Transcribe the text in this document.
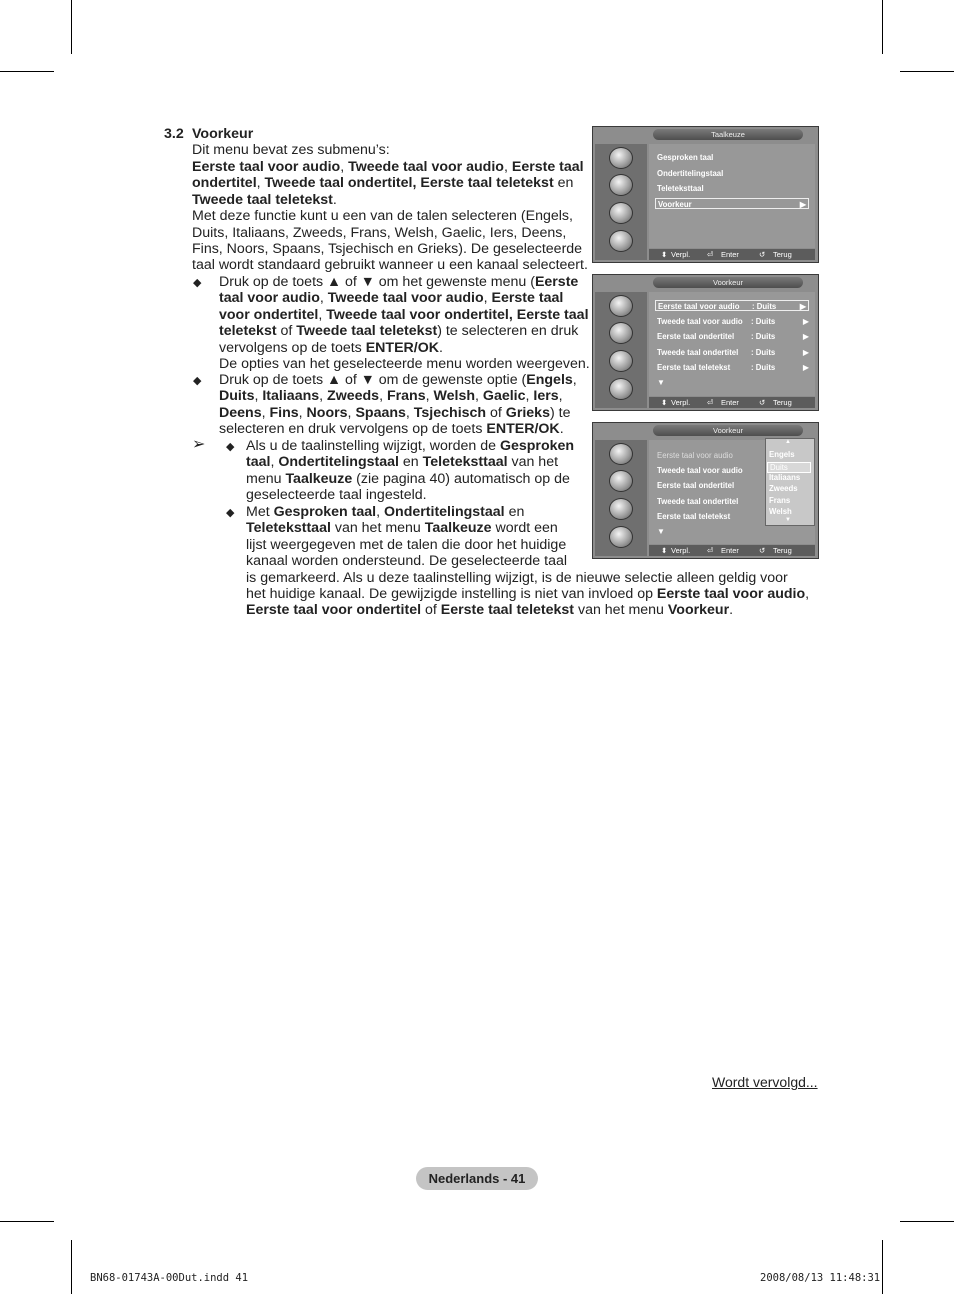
3.2 Voorkeur
Dit menu bevat zes submenu’s:
Eerste taal voor audio, Tweede taal voor audio, Eerste taal
ondertitel, Tweede taal ondertitel, Eerste taal teletekst en
Tweede taal teletekst.
Met deze functie kunt u een van de talen selecteren (Engels,
Duits, Italiaans, Zweeds, Frans, Welsh, Gaelic, Iers, Deens,
Fins, Noors, Spaans, Tsjechisch en Grieks). De geselecteerde
taal wordt standaard gebruikt wanneer u een kanaal selecteert.
◆ Druk op de toets ▲ of ▼ om het gewenste menu (Eerste
taal voor audio, Tweede taal voor audio, Eerste taal
voor ondertitel, Tweede taal voor ondertitel, Eerste taal
teletekst of Tweede taal teletekst) te selecteren en druk
vervolgens op de toets ENTER/OK.
De opties van het geselecteerde menu worden weergeven.
◆ Druk op de toets ▲ of ▼ om de gewenste optie (Engels,
Duits, Italiaans, Zweeds, Frans, Welsh, Gaelic, Iers,
Deens, Fins, Noors, Spaans, Tsjechisch of Grieks) te
selecteren en druk vervolgens op de toets ENTER/OK.
➢ ◆ Als u de taalinstelling wijzigt, worden de Gesproken
taal, Ondertitelingstaal en Teleteksttaal van het
menu Taalkeuze (zie pagina 40) automatisch op de
geselecteerde taal ingesteld.
◆ Met Gesproken taal, Ondertitelingstaal en
Teleteksttaal van het menu Taalkeuze wordt een
lijst weergegeven met de talen die door het huidige
kanaal worden ondersteund. De geselecteerde taal
is gemarkeerd. Als u deze taalinstelling wijzigt, is de nieuwe selectie alleen geldig voor
het huidige kanaal. De gewijzigde instelling is niet van invloed op Eerste taal voor audio,
Eerste taal voor ondertitel of Eerste taal teletekst van het menu Voorkeur.
Taalkeuze
Gesproken taal
Ondertitelingstaal
Teleteksttaal
Voorkeur	▶
⬍ Verpl. ⏎ Enter	↺ Terug
Voorkeur
Eerste taal voor audio : Duits	▶
Tweede taal voor audio : Duits	▶
Eerste taal ondertitel : Duits	▶
Tweede taal ondertitel : Duits	▶
Eerste taal teletekst	: Duits	▶
▼
⬍ Verpl. ⏎ Enter	↺ Terug
Voorkeur
Eerste taal voor audio
Tweede taal voor audio
Eerste taal ondertitel
Tweede taal ondertitel
Eerste taal teletekst
▼
▲
Engels
Duits
Italiaans
Zweeds
Frans
Welsh
▼
⬍ Verpl. ⏎ Enter	↺ Terug
Wordt vervolgd...
Nederlands - 41
BN68-01743A-00Dut.indd 41	2008/08/13 11:48:31
